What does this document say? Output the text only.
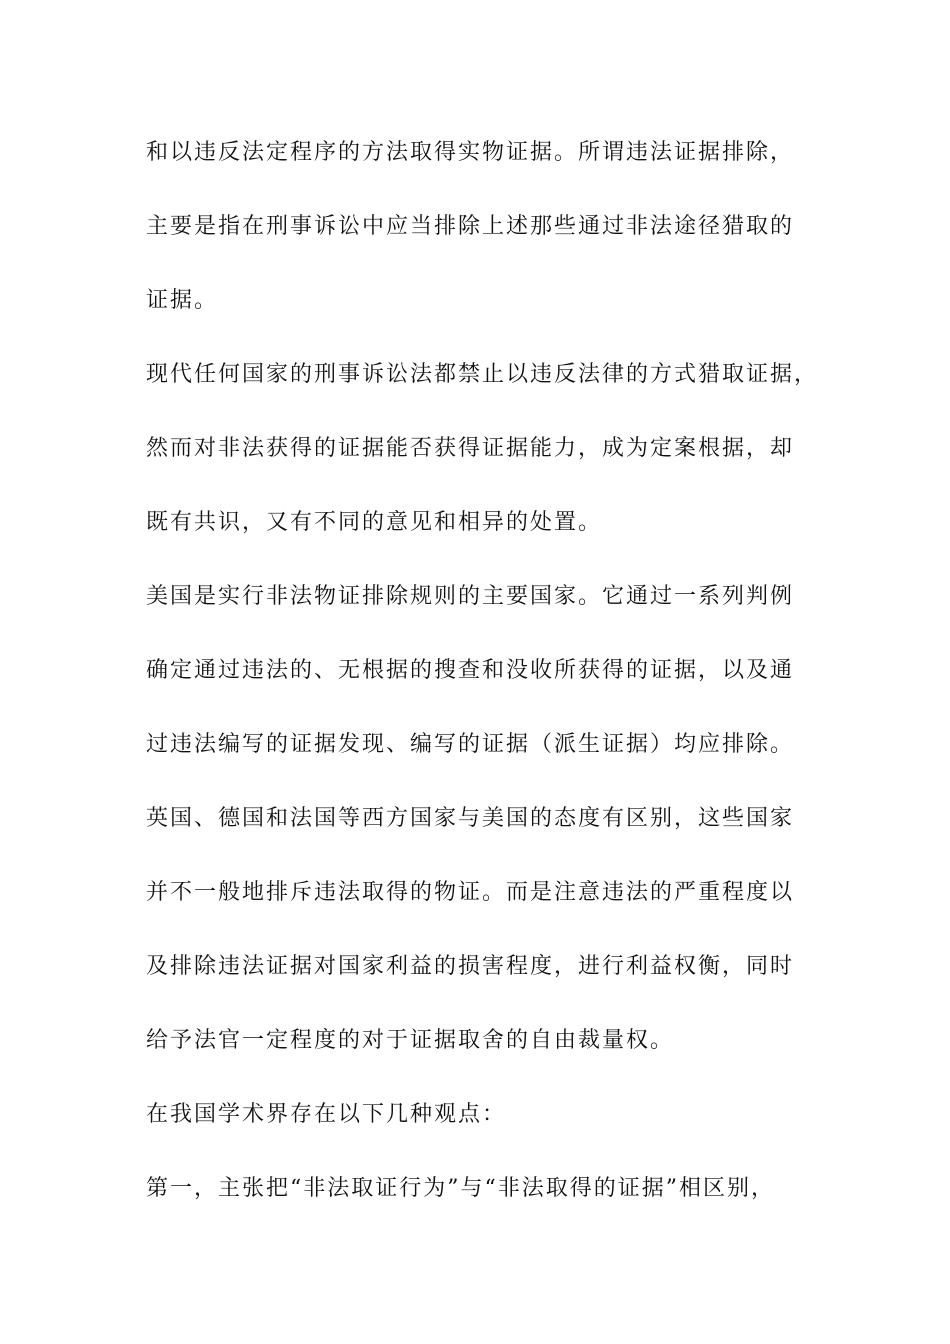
和以违反法定程序的方法取得实物证据。所谓违法证据排除，
主要是指在刑事诉讼中应当排除上述那些通过非法途径猎取的
证据。
现代任何国家的刑事诉讼法都禁止以违反法律的方式猎取证据，
然而对非法获得的证据能否获得证据能力，成为定案根据，却
既有共识，又有不同的意见和相异的处置。
美国是实行非法物证排除规则的主要国家。它通过一系列判例
确定通过违法的、无根据的搜查和没收所获得的证据，以及通
过违法编写的证据发现、编写的证据（派生证据）均应排除。
英国、德国和法国等西方国家与美国的态度有区别，这些国家
并不一般地排斥违法取得的物证。而是注意违法的严重程度以
及排除违法证据对国家利益的损害程度，进行利益权衡，同时
给予法官一定程度的对于证据取舍的自由裁量权。
在我国学术界存在以下几种观点：
第一，主张把“非法取证行为”与“非法取得的证据”相区别，
